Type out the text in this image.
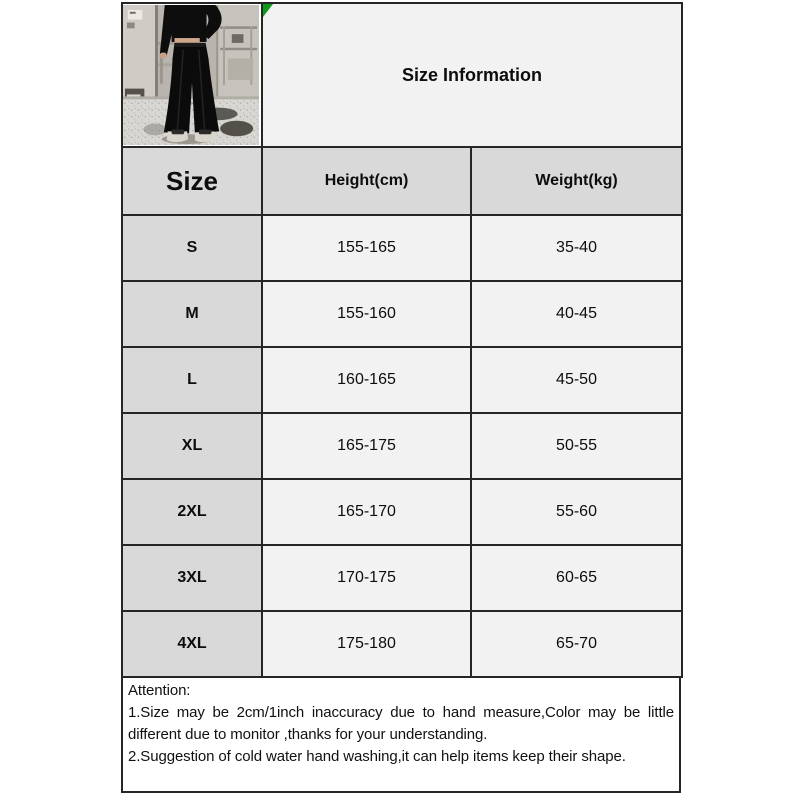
Size Information	
Size	Height(cm)	Weight(kg)
S	155-165	35-40
M	155-160	40-45
L	160-165	45-50
XL	165-175	50-55
2XL	165-170	55-60
3XL	170-175	60-65
4XL	175-180	65-70
Attention:

1.Size may be 2cm/1inch inaccuracy due to hand measure,Color may be little different due to monitor ,thanks for your understanding.

2.Suggestion of cold water hand washing,it can help items keep their shape.
